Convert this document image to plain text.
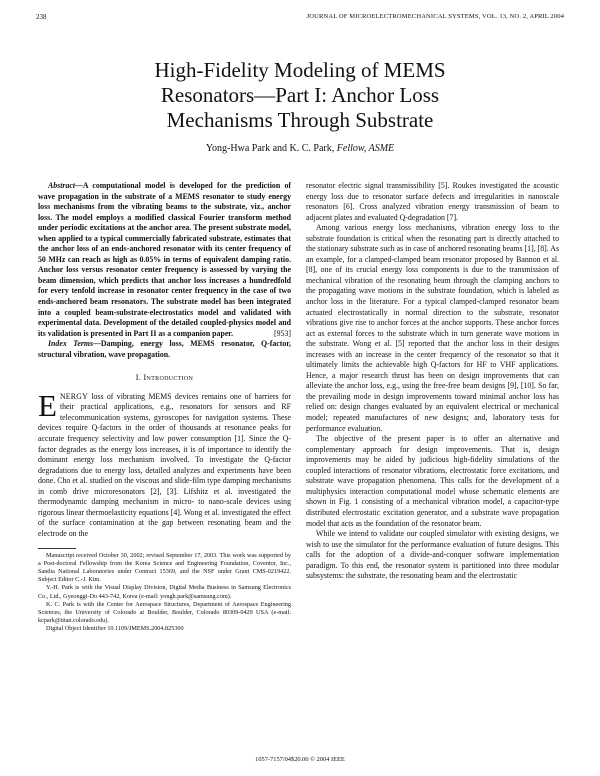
238	JOURNAL OF MICROELECTROMECHANICAL SYSTEMS, VOL. 13, NO. 2, APRIL 2004
High-Fidelity Modeling of MEMS
Resonators—Part I: Anchor Loss
Mechanisms Through Substrate
Yong-Hwa Park and K. C. Park, Fellow, ASME

Abstract—A computational model is developed for the prediction of wave propagation in the substrate of a MEMS resonator to study energy loss mechanisms from the vibrating beams to the substrate, viz., anchor loss. The model employs a modified classical Fourier transform method under periodic excitations at the anchor area. The present substrate model, when applied to a typical commercially fabricated substrate, estimates that the anchor loss of an ends-anchored resonator with its center frequency of 50 MHz can reach as high as 0.05% in terms of equivalent damping ratio. Anchor loss versus resonator center frequency is assessed by varying the beam dimension, which predicts that anchor loss increases a hundredfold for every tenfold increase in resonator center frequency in the case of two ends-anchored beam resonators. The substrate model has been integrated into a coupled beam-substrate-electrostatics model and validated with experimental data. Development of the detailed coupled-physics model and its validation is presented in Part II as a companion paper.	[953]

Index Terms—Damping, energy loss, MEMS resonator, Q-factor, structural vibration, wave propagation.

I. Introduction

ENERGY loss of vibrating MEMS devices remains one of barriers for their practical applications, e.g., resonators for sensors and RF telecommunication systems, gyroscopes for navigation systems. These devices require Q-factors in the order of thousands at resonance peaks for accurate frequency selectivity and low power consumption [1]. Since the Q-factor degrades as the energy loss increases, it is of importance to identify the dominant energy loss mechanism involved. To investigate the Q-factor degradations due to energy loss, detailed analyzes and experiments have been done. Cho et al. studied on the viscous and slide-film type damping mechanisms in comb drive microresonators [2], [3]. Lifshitz et al. investigated the thermodynamic damping mechanism in micro- to nano-scale devices using rigorous linear thermoelasticity equations [4]. Wong et al. investigated the effect of the surface contamination at the gap between resonating beam and the electrode on the

Manuscript received October 30, 2002; revised September 17, 2003. This work was supported by a Post-doctoral Fellowship from the Korea Science and Engineering Foundation, Coventor, Inc., Sandia National Laboratories under Contract 15369, and the NSF under Grant CMS-0219422. Subject Editor C.-J. Kim.

Y.-H. Park is with the Visual Display Division, Digital Media Business in Samsung Electronics Co., Ltd., Gyeonggi-Do 443-742, Korea (e-mail: yongh.park@samsung.com).

K. C. Park is with the Center for Aerospace Structures, Department of Aerospace Engineering Sciences, the University of Colorado at Boulder, Boulder, Colorado 80309-0429 USA (e-mail: kcpark@titan.colorado.edu).

Digital Object Identifier 10.1109/JMEMS.2004.825300

resonator electric signal transmissibility [5]. Roukes investigated the acoustic energy loss due to resonator surface defects and irregularities in nanoscale resonators [6]. Cross analyzed vibration energy transmission of beam to adjacent plates and evaluated Q-degradation [7].

Among various energy loss mechanisms, vibration energy loss to the substrate foundation is critical when the resonating part is directly attached to the stationary substrate such as in case of anchored resonating beams [1], [8]. As an example, for a clamped-clamped beam resonator proposed by Bannon et al. [8], one of its crucial energy loss components is due to the transmission of mechanical vibration of the resonating beam through the clamping anchors to the propagating wave motions in the substrate foundation, which is labeled as anchor loss in the literature. For a typical clamped-clamped resonator beam actuated electrostatically in normal direction to the substrate, resonator vibrations give rise to anchor forces at the anchor supports. These anchor forces act as external forces to the substrate which in turn generate wave motions in the substrate. Wong et al. [5] reported that the anchor loss in their designs increases with an increase in the center frequency of the resonator so that it ultimately limits the achievable high Q-factors for HF to VHF applications. Hence, a major research thrust has been on design improvements that can alleviate the anchor loss, e.g., using the free-free beam designs [9], [10]. So far, the prevailing mode in design improvements toward minimal anchor loss has relied on: design changes evaluated by an equivalent electrical or mechanical model; repeated manufactures of new designs; and, laboratory tests for performance evaluation.

The objective of the present paper is to offer an alternative and complementary approach for design improvements. That is, design improvements may be aided by judicious high-fidelity simulations of the coupled interactions of resonator vibrations, electrostatic force excitations, and substrate wave propagation phenomena. This calls for the development of a multiphysics interaction computational model whose schematic elements are shown in Fig. 1 consisting of a mechanical vibration model, a capacitor-type distributed electrostatic excitation generator, and a substrate wave propagation model that acts as the foundation of the resonator beam.

While we intend to validate our coupled simulator with existing designs, we wish to use the simulator for the performance evaluation of future designs. This calls for the adoption of a divide-and-conquer software implementation paradigm. To this end, the resonator system is partitioned into three modular subsystems: the substrate, the resonating beam and the electrostatic

1057-7157/04$20.00 © 2004 IEEE
